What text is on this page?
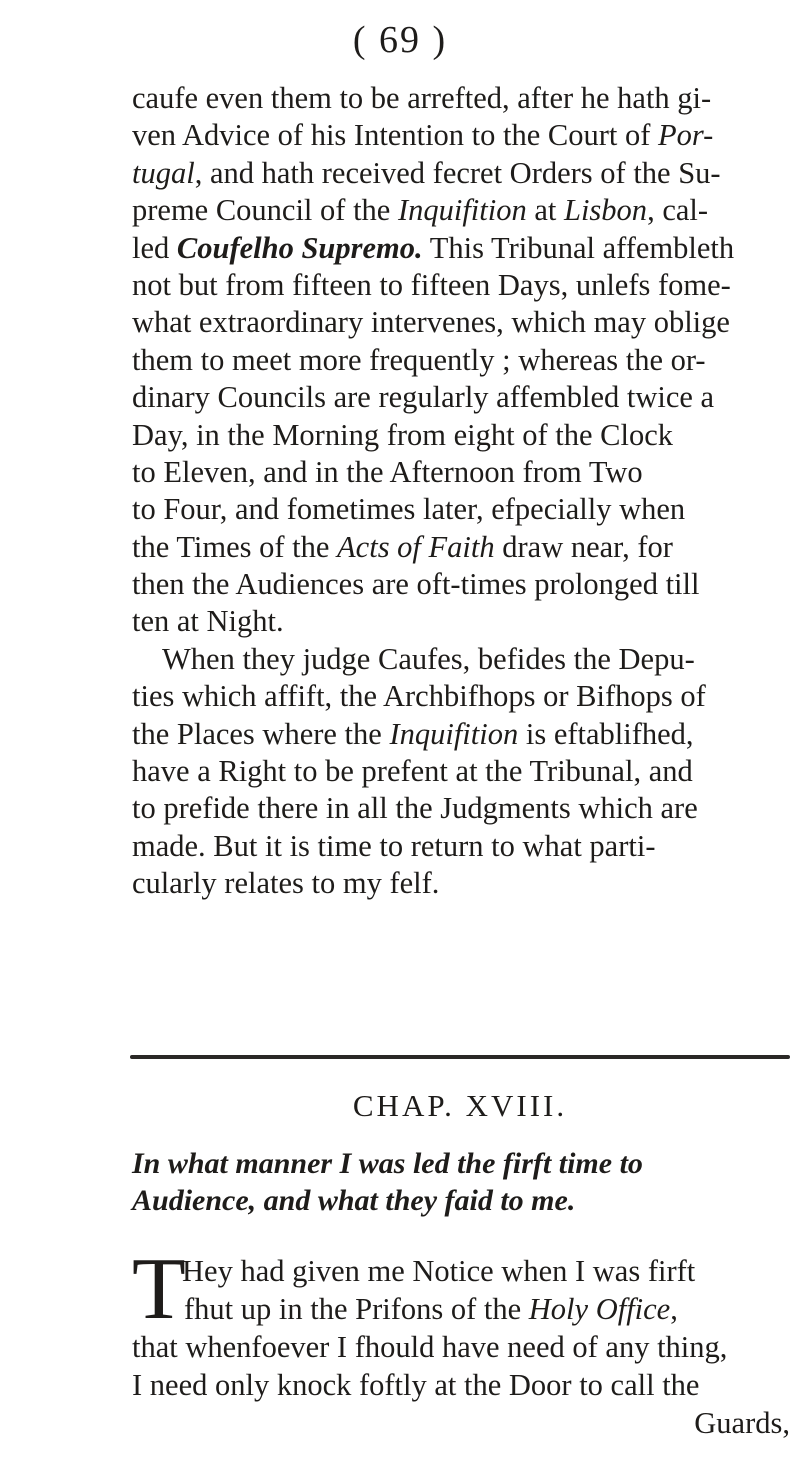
( 69 )
caufe even them to be arrefted, after he hath gi-
ven Advice of his Intention to the Court of Por-
tugal, and hath received fecret Orders of the Su-
preme Council of the Inquifition at Lisbon, cal-
led Coufelho Supremo. This Tribunal affembleth
not but from fifteen to fifteen Days, unlefs fome-
what extraordinary intervenes, which may oblige
them to meet more frequently ; whereas the or-
dinary Councils are regularly affembled twice a
Day, in the Morning from eight of the Clock
to Eleven, and in the Afternoon from Two
to Four, and fometimes later, efpecially when
the Times of the Acts of Faith draw near, for
then the Audiences are oft-times prolonged till
ten at Night.
When they judge Caufes, befides the Depu-
ties which affift, the Archbifhops or Bifhops of
the Places where the Inquifition is eftablifhed,
have a Right to be prefent at the Tribunal, and
to prefide there in all the Judgments which are
made. But it is time to return to what parti-
cularly relates to my felf.
CHAP. XVIII.
In what manner I was led the firft time to
Audience, and what they faid to me.
T
Hey had given me Notice when I was firft
fhut up in the Prifons of the Holy Office,
that whenfoever I fhould have need of any thing,
I need only knock foftly at the Door to call the
Guards,
